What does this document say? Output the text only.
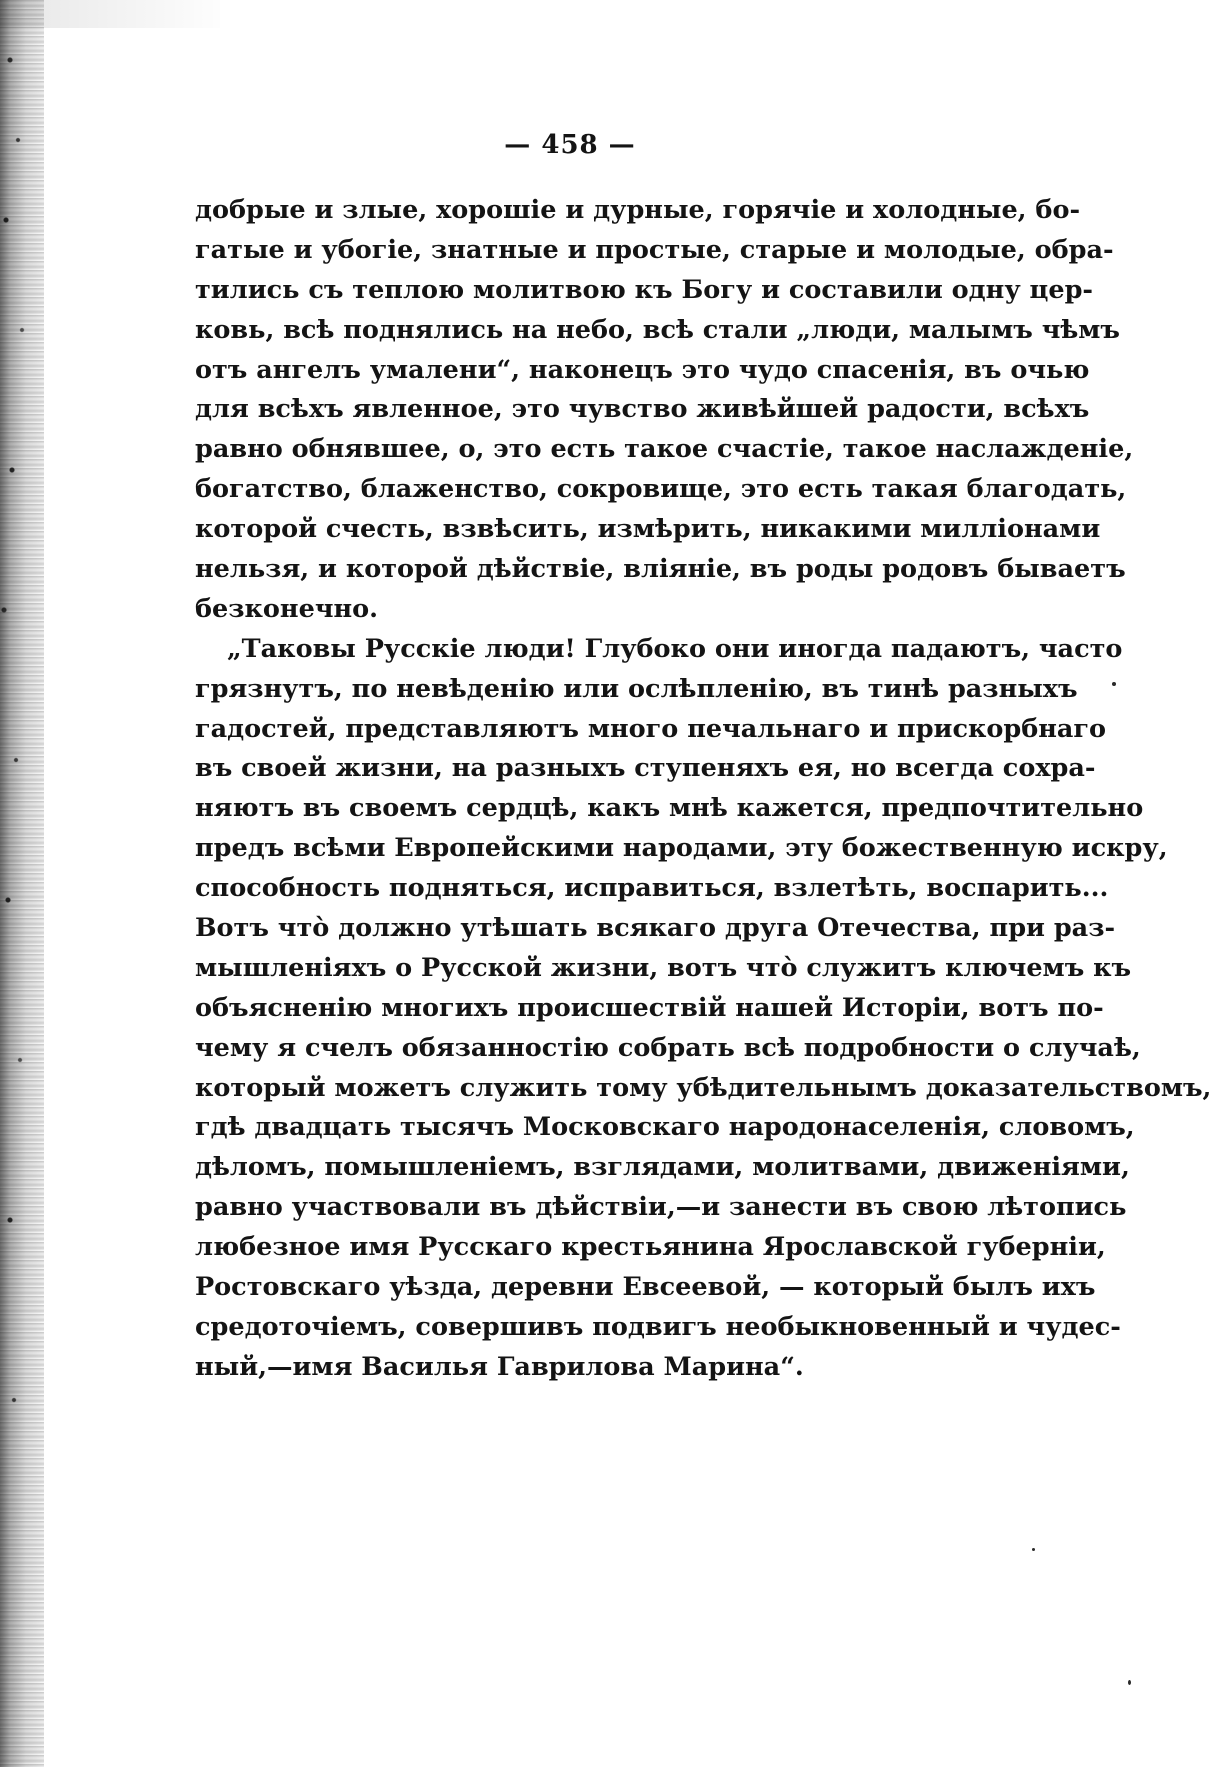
— 458 —
добрые и злые, хорошіе и дурные, горячіе и холодные, бо-
гатые и убогіе, знатные и простые, старые и молодые, обра-
тились съ теплою молитвою къ Богу и составили одну цер-
ковь, всѣ поднялись на небо, всѣ стали „люди, малымъ чѣмъ
отъ ангелъ умалени“, наконецъ это чудо спасенія, въ очью
для всѣхъ явленное, это чувство живѣйшей радости, всѣхъ
равно обнявшее, о, это есть такое счастіе, такое наслажденіе,
богатство, блаженство, сокровище, это есть такая благодать,
которой счесть, взвѣсить, измѣрить, никакими милліонами
нельзя, и которой дѣйствіе, вліяніе, въ роды родовъ бываетъ
безконечно.
„Таковы Русскіе люди! Глубоко они иногда падаютъ, часто
грязнутъ, по невѣденію или ослѣпленію, въ тинѣ разныхъ
гадостей, представляютъ много печальнаго и прискорбнаго
въ своей жизни, на разныхъ ступеняхъ ея, но всегда сохра-
няютъ въ своемъ сердцѣ, какъ мнѣ кажется, предпочтительно
предъ всѣми Европейскими народами, эту божественную искру,
способность подняться, исправиться, взлетѣть, воспарить...
Вотъ что̀ должно утѣшать всякаго друга Отечества, при раз-
мышленіяхъ о Русской жизни, вотъ что̀ служитъ ключемъ къ
объясненію многихъ происшествій нашей Исторіи, вотъ по-
чему я счелъ обязанностію собрать всѣ подробности о случаѣ,
который можетъ служить тому убѣдительнымъ доказательствомъ,
гдѣ двадцать тысячъ Московскаго народонаселенія, словомъ,
дѣломъ, помышленіемъ, взглядами, молитвами, движеніями,
равно участвовали въ дѣйствіи,—и занести въ свою лѣтопись
любезное имя Русскаго крестьянина Ярославской губерніи,
Ростовскаго уѣзда, деревни Евсеевой, — который былъ ихъ
средоточіемъ, совершивъ подвигъ необыкновенный и чудес-
ный,—имя Василья Гаврилова Марина“.
